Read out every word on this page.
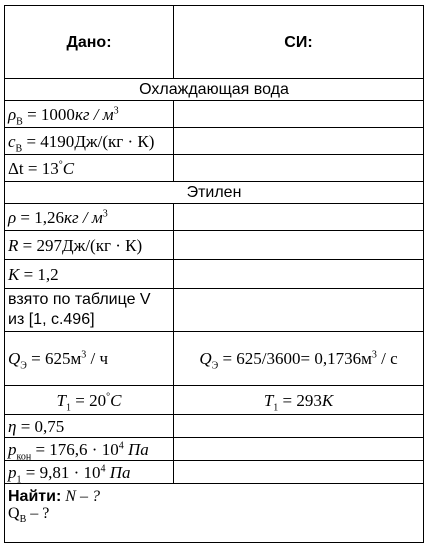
Дано:	СИ:
Охлаждающая вода	
$\rho_В = 1000кг / м^3$	
$c_В = 4190Дж/(кг \cdot К)$	
Δt = 13°C	
Этилен	
$\rho = 1,26кг / м^3$	
R = 297Дж/(кг · К)	
K = 1,2	
взято по таблице V
из [1, с.496]	
$Q_Э = 625м^3 / ч$	$Q_Э = 625/3600= 0,1736м^3 / с$
$T_1 = 20^\circ C$	$T_1 = 293К$
η = 0,75	
$p_{кон} = 176,6 \cdot 10^4$ Па	
$p_1 = 9,81 \cdot 10^4$ Па	
Найти: N – ?
$Q_В$ – ?	
